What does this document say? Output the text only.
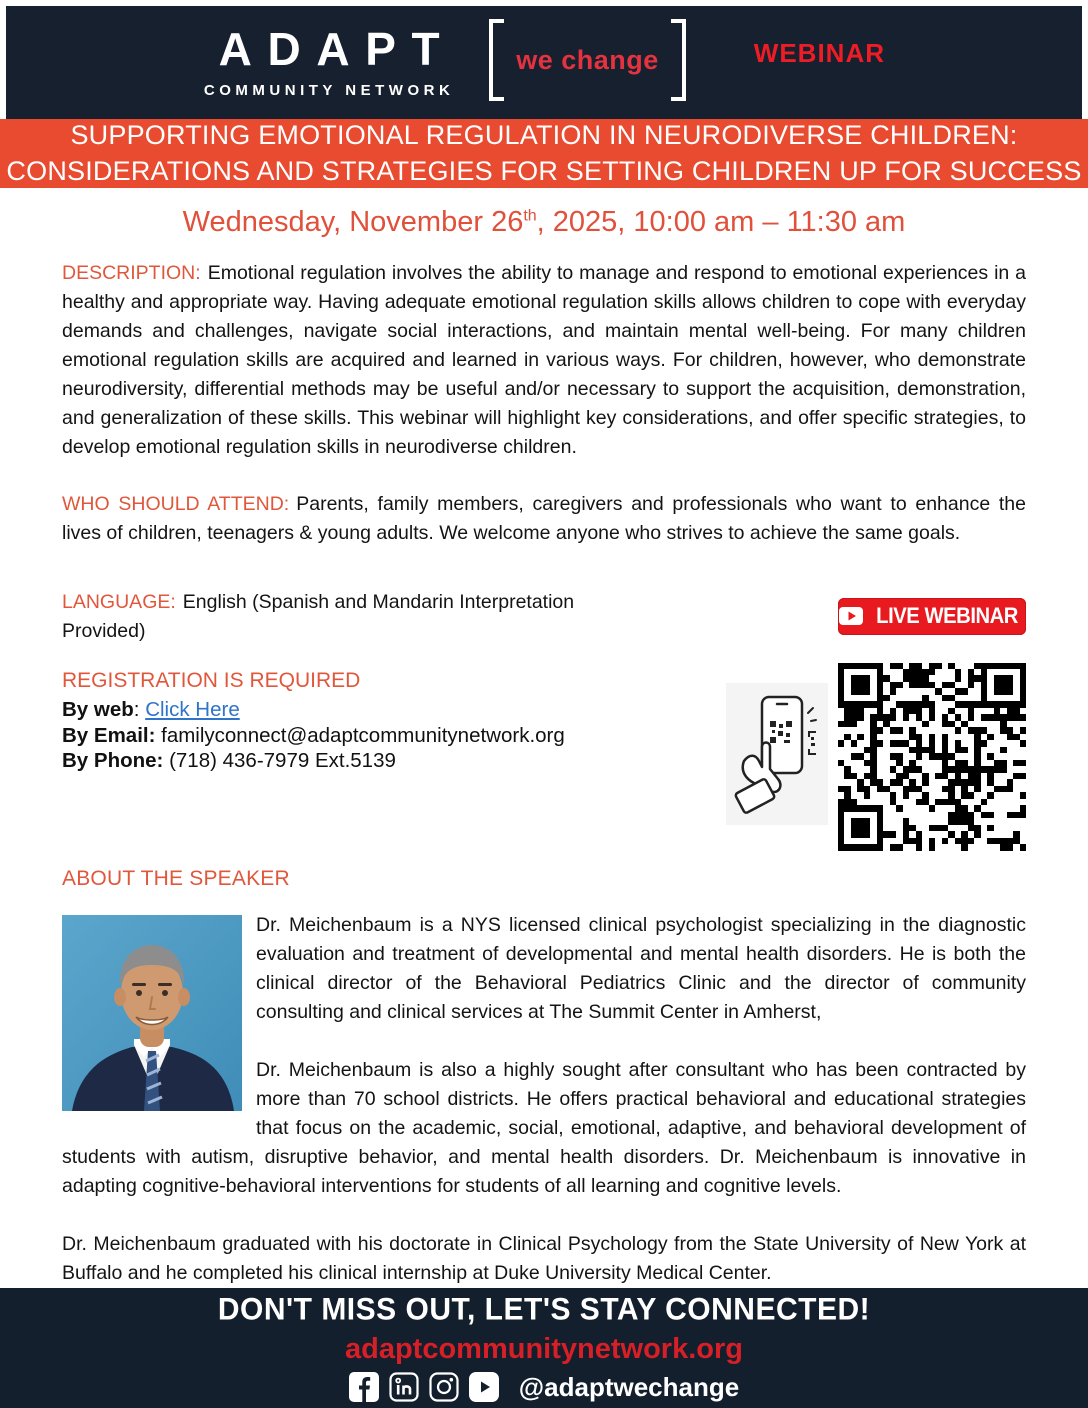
ADAPT
COMMUNITY NETWORK
we change	WEBINAR
SUPPORTING EMOTIONAL REGULATION IN NEURODIVERSE CHILDREN:
CONSIDERATIONS AND STRATEGIES FOR SETTING CHILDREN UP FOR SUCCESS
Wednesday, November 26th, 2025, 10:00 am – 11:30 am

DESCRIPTION: Emotional regulation involves the ability to manage and respond to emotional experiences in a healthy and appropriate way. Having adequate emotional regulation skills allows children to cope with everyday demands and challenges, navigate social interactions, and maintain mental well-being. For many children emotional regulation skills are acquired and learned in various ways. For children, however, who demonstrate neurodiversity, differential methods may be useful and/or necessary to support the acquisition, demonstration, and generalization of these skills. This webinar will highlight key considerations, and offer specific strategies, to develop emotional regulation skills in neurodiverse children.

WHO SHOULD ATTEND: Parents, family members, caregivers and professionals who want to enhance the lives of children, teenagers & young adults. We welcome anyone who strives to achieve the same goals.

LANGUAGE: English (Spanish and Mandarin Interpretation Provided)

REGISTRATION IS REQUIRED
By web: Click Here
By Email: familyconnect@adaptcommunitynetwork.org
By Phone: (718) 436-7979 Ext.5139
LIVE WEBINAR
ABOUT THE SPEAKER

Dr. Meichenbaum is a NYS licensed clinical psychologist specializing in the diagnostic evaluation and treatment of developmental and mental health disorders. He is both the clinical director of the Behavioral Pediatrics Clinic and the director of community consulting and clinical services at The Summit Center in Amherst,

Dr. Meichenbaum is also a highly sought after consultant who has been contracted by more than 70 school districts. He offers practical behavioral and educational strategies that focus on the academic, social, emotional, adaptive, and behavioral development of students with autism, disruptive behavior, and mental health disorders. Dr. Meichenbaum is innovative in adapting cognitive-behavioral interventions for students of all learning and cognitive levels.

Dr. Meichenbaum graduated with his doctorate in Clinical Psychology from the State University of New York at Buffalo and he completed his clinical internship at Duke University Medical Center.

DON'T MISS OUT, LET'S STAY CONNECTED!
adaptcommunitynetwork.org
@adaptwechange
